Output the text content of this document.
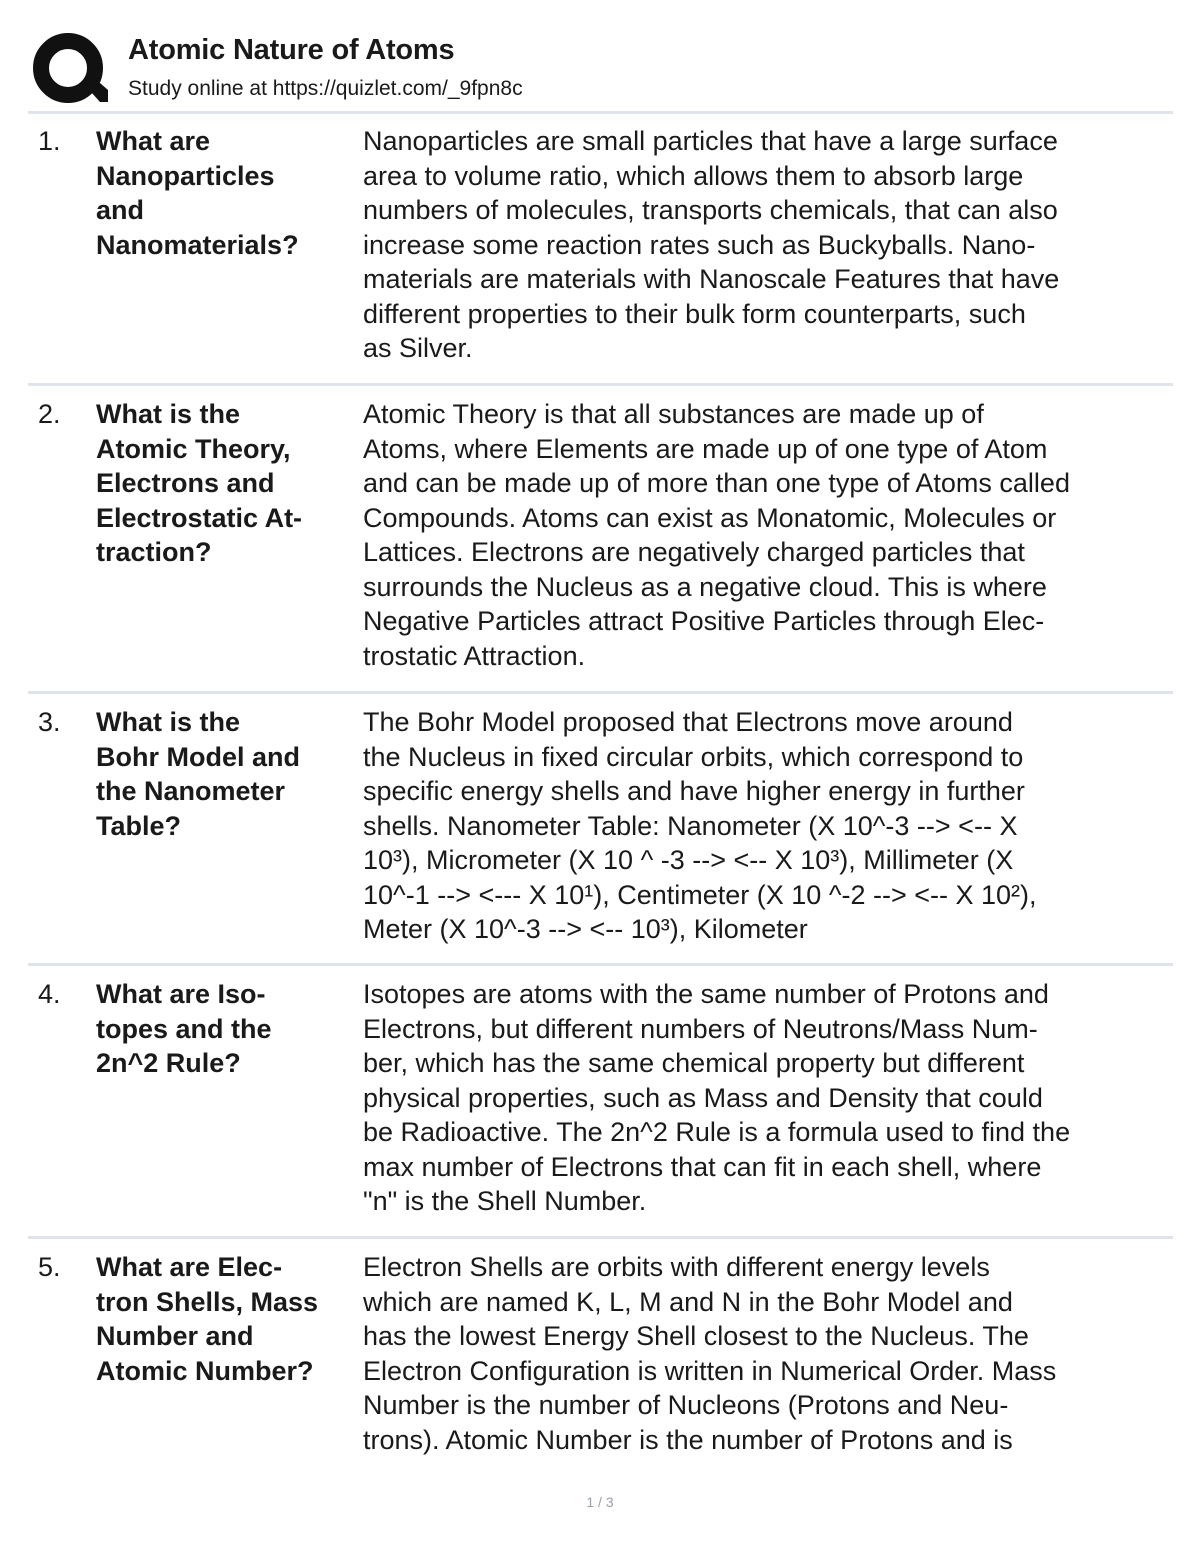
Atomic Nature of Atoms
Study online at https://quizlet.com/_9fpn8c
1. What are
Nanoparticles
and
Nanomaterials?
Nanoparticles are small particles that have a large surface
area to volume ratio, which allows them to absorb large
numbers of molecules, transports chemicals, that can also
increase some reaction rates such as Buckyballs. Nano-
materials are materials with Nanoscale Features that have
different properties to their bulk form counterparts, such
as Silver.
2. What is the
Atomic Theory,
Electrons and
Electrostatic At-
traction?
Atomic Theory is that all substances are made up of
Atoms, where Elements are made up of one type of Atom
and can be made up of more than one type of Atoms called
Compounds. Atoms can exist as Monatomic, Molecules or
Lattices. Electrons are negatively charged particles that
surrounds the Nucleus as a negative cloud. This is where
Negative Particles attract Positive Particles through Elec-
trostatic Attraction.
3. What is the
Bohr Model and
the Nanometer
Table?
The Bohr Model proposed that Electrons move around
the Nucleus in fixed circular orbits, which correspond to
specific energy shells and have higher energy in further
shells. Nanometer Table: Nanometer (X 10^-3 --> <-- X
10³), Micrometer (X 10 ^ -3 --> <-- X 10³), Millimeter (X
10^-1 --> <--- X 10¹), Centimeter (X 10 ^-2 --> <-- X 10²),
Meter (X 10^-3 --> <-- 10³), Kilometer
4. What are Iso-
topes and the
2n^2 Rule?
Isotopes are atoms with the same number of Protons and
Electrons, but different numbers of Neutrons/Mass Num-
ber, which has the same chemical property but different
physical properties, such as Mass and Density that could
be Radioactive. The 2n^2 Rule is a formula used to find the
max number of Electrons that can fit in each shell, where
"n" is the Shell Number.
5. What are Elec-
tron Shells, Mass
Number and
Atomic Number?
Electron Shells are orbits with different energy levels
which are named K, L, M and N in the Bohr Model and
has the lowest Energy Shell closest to the Nucleus. The
Electron Configuration is written in Numerical Order. Mass
Number is the number of Nucleons (Protons and Neu-
trons). Atomic Number is the number of Protons and is
1 / 3
